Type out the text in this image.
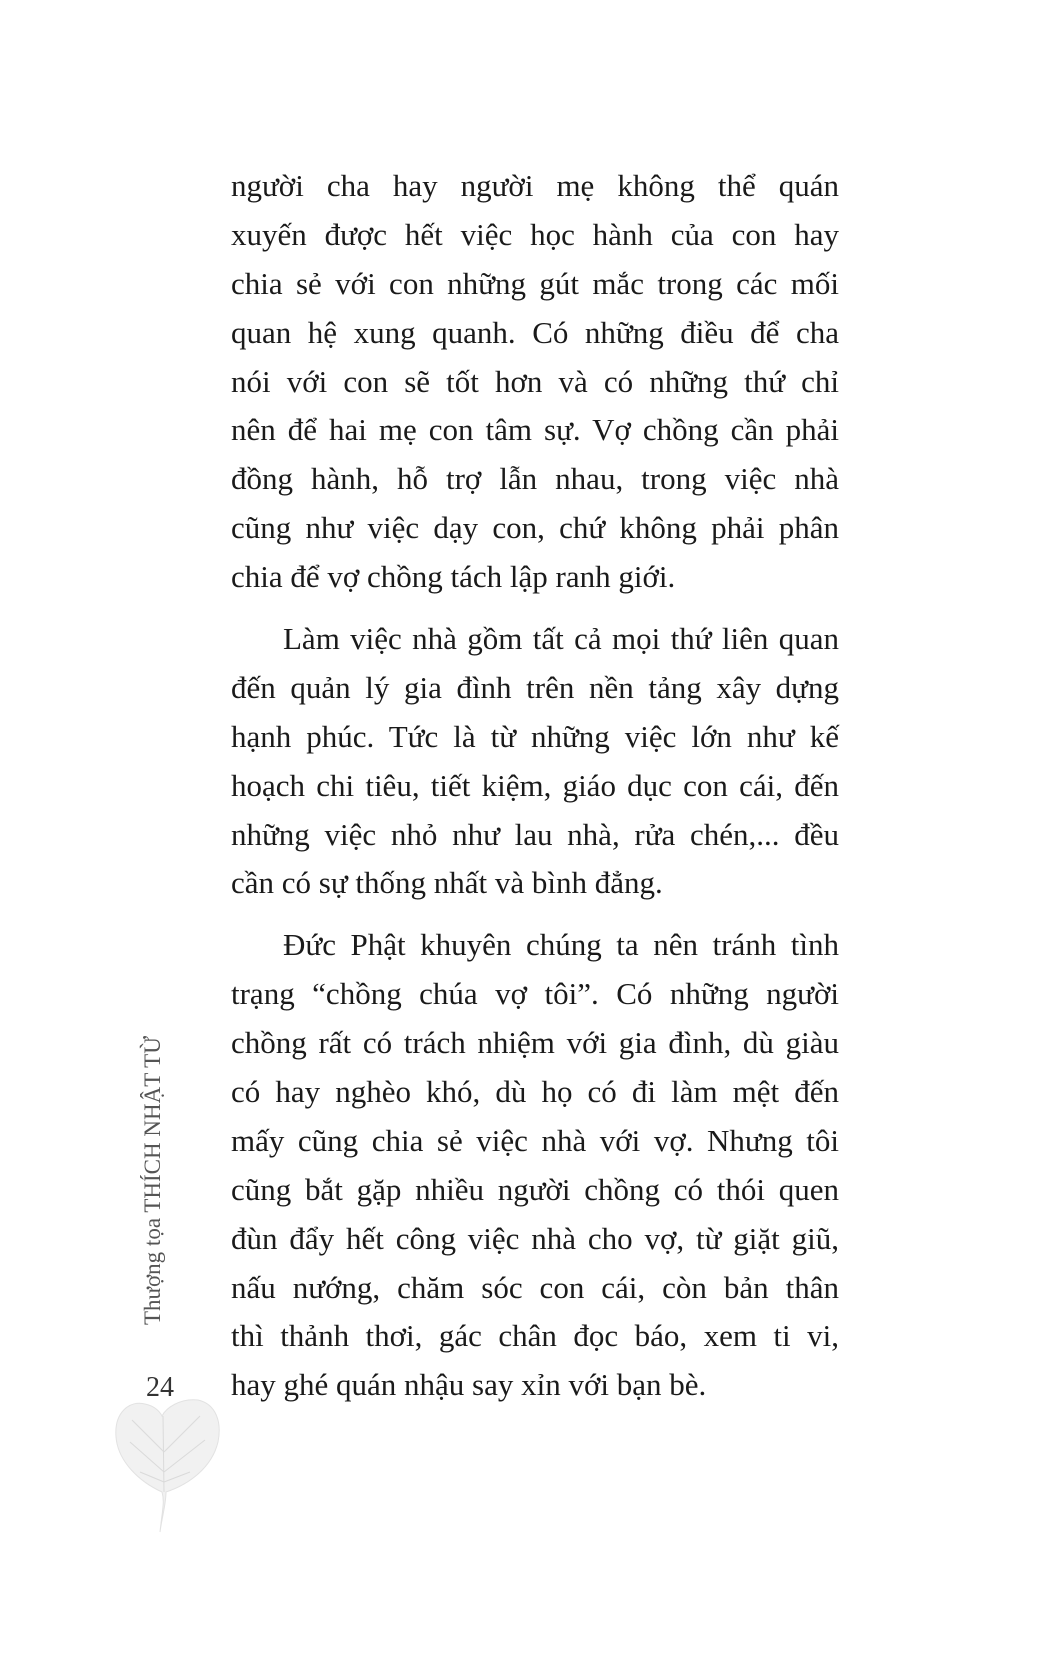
Thượng tọa THÍCH NHẬT TỪ
24
người cha hay người mẹ không thể quán
xuyến được hết việc học hành của con hay
chia sẻ với con những gút mắc trong các mối
quan hệ xung quanh. Có những điều để cha
nói với con sẽ tốt hơn và có những thứ chỉ
nên để hai mẹ con tâm sự. Vợ chồng cần phải
đồng hành, hỗ trợ lẫn nhau, trong việc nhà
cũng như việc dạy con, chứ không phải phân
chia để vợ chồng tách lập ranh giới.
Làm việc nhà gồm tất cả mọi thứ liên quan
đến quản lý gia đình trên nền tảng xây dựng
hạnh phúc. Tức là từ những việc lớn như kế
hoạch chi tiêu, tiết kiệm, giáo dục con cái, đến
những việc nhỏ như lau nhà, rửa chén,... đều
cần có sự thống nhất và bình đẳng.
Đức Phật khuyên chúng ta nên tránh tình
trạng “chồng chúa vợ tôi”. Có những người
chồng rất có trách nhiệm với gia đình, dù giàu
có hay nghèo khó, dù họ có đi làm mệt đến
mấy cũng chia sẻ việc nhà với vợ. Nhưng tôi
cũng bắt gặp nhiều người chồng có thói quen
đùn đẩy hết công việc nhà cho vợ, từ giặt giũ,
nấu nướng, chăm sóc con cái, còn bản thân
thì thảnh thơi, gác chân đọc báo, xem ti vi,
hay ghé quán nhậu say xỉn với bạn bè.
